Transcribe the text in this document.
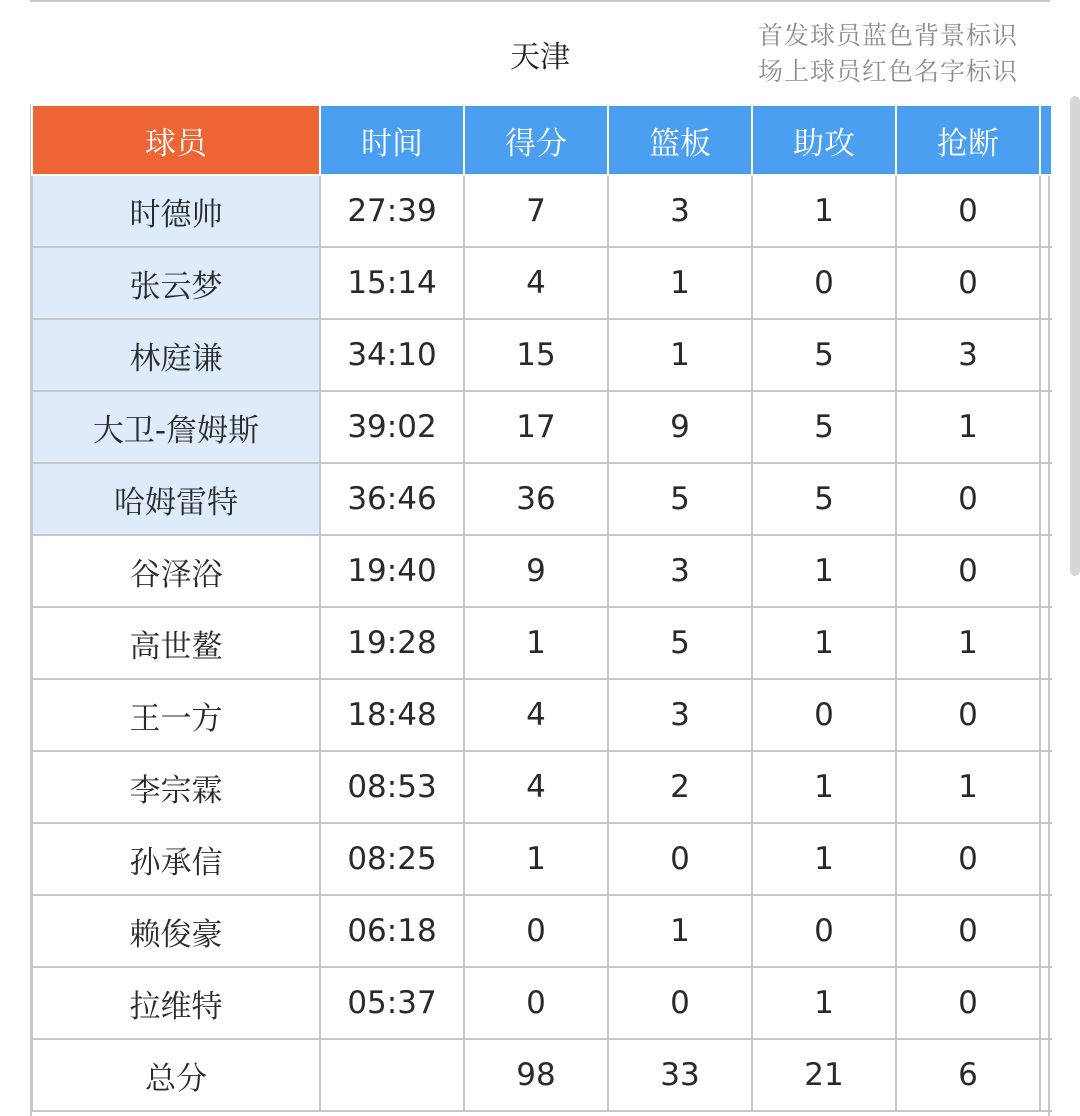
天津
首发球员蓝色背景标识
场上球员红色名字标识
球员	时间	得分	篮板	助攻	抢断	
时德帅	27:39	7	3	1	0	
张云梦	15:14	4	1	0	0	
林庭谦	34:10	15	1	5	3	
大卫-詹姆斯	39:02	17	9	5	1	
哈姆雷特	36:46	36	5	5	0	
谷泽浴	19:40	9	3	1	0	
高世鳌	19:28	1	5	1	1	
王一方	18:48	4	3	0	0	
李宗霖	08:53	4	2	1	1	
孙承信	08:25	1	0	1	0	
赖俊豪	06:18	0	1	0	0	
拉维特	05:37	0	0	1	0	
总分		98	33	21	6	
